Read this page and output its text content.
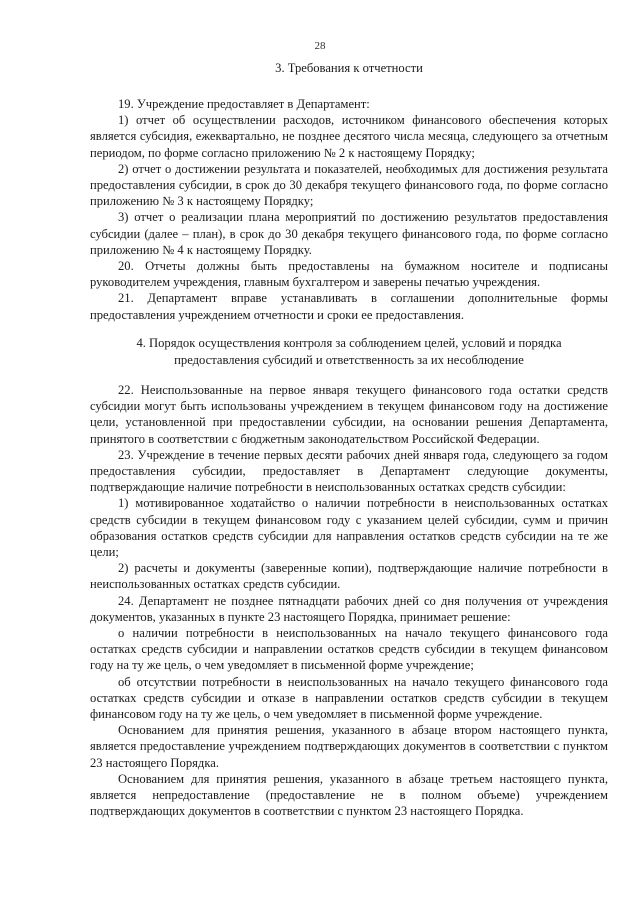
28

3. Требования к отчетности

19. Учреждение предоставляет в Департамент:

1) отчет об осуществлении расходов, источником финансового обеспечения которых является субсидия, ежеквартально, не позднее десятого числа месяца, следующего за отчетным периодом, по форме согласно приложению № 2 к настоящему Порядку;

2) отчет о достижении результата и показателей, необходимых для достижения результата предоставления субсидии, в срок до 30 декабря текущего финансового года, по форме согласно приложению № 3 к настоящему Порядку;

3) отчет о реализации плана мероприятий по достижению результатов предоставления субсидии (далее – план), в срок до 30 декабря текущего финансового года, по форме согласно приложению № 4 к настоящему Порядку.

20. Отчеты должны быть предоставлены на бумажном носителе и подписаны руководителем учреждения, главным бухгалтером и заверены печатью учреждения.

21. Департамент вправе устанавливать в соглашении дополнительные формы предоставления учреждением отчетности и сроки ее предоставления.

4. Порядок осуществления контроля за соблюдением целей, условий и порядка

предоставления субсидий и ответственность за их несоблюдение

22. Неиспользованные на первое января текущего финансового года остатки средств субсидии могут быть использованы учреждением в текущем финансовом году на достижение цели, установленной при предоставлении субсидии, на основании решения Департамента, принятого в соответствии с бюджетным законодательством Российской Федерации.

23. Учреждение в течение первых десяти рабочих дней января года, следующего за годом предоставления субсидии, предоставляет в Департамент следующие документы, подтверждающие наличие потребности в неиспользованных остатках средств субсидии:

1) мотивированное ходатайство о наличии потребности в неиспользованных остатках средств субсидии в текущем финансовом году с указанием целей субсидии, сумм и причин образования остатков средств субсидии для направления остатков средств субсидии на те же цели;

2) расчеты и документы (заверенные копии), подтверждающие наличие потребности в неиспользованных остатках средств субсидии.

24. Департамент не позднее пятнадцати рабочих дней со дня получения от учреждения документов, указанных в пункте 23 настоящего Порядка, принимает решение:

о наличии потребности в неиспользованных на начало текущего финансового года остатках средств субсидии и направлении остатков средств субсидии в текущем финансовом году на ту же цель, о чем уведомляет в письменной форме учреждение;

об отсутствии потребности в неиспользованных на начало текущего финансового года остатках средств субсидии и отказе в направлении остатков средств субсидии в текущем финансовом году на ту же цель, о чем уведомляет в письменной форме учреждение.

Основанием для принятия решения, указанного в абзаце втором настоящего пункта, является предоставление учреждением подтверждающих документов в соответствии с пунктом 23 настоящего Порядка.

Основанием для принятия решения, указанного в абзаце третьем настоящего пункта, является непредоставление (предоставление не в полном объеме) учреждением подтверждающих документов в соответствии с пунктом 23 настоящего Порядка.
